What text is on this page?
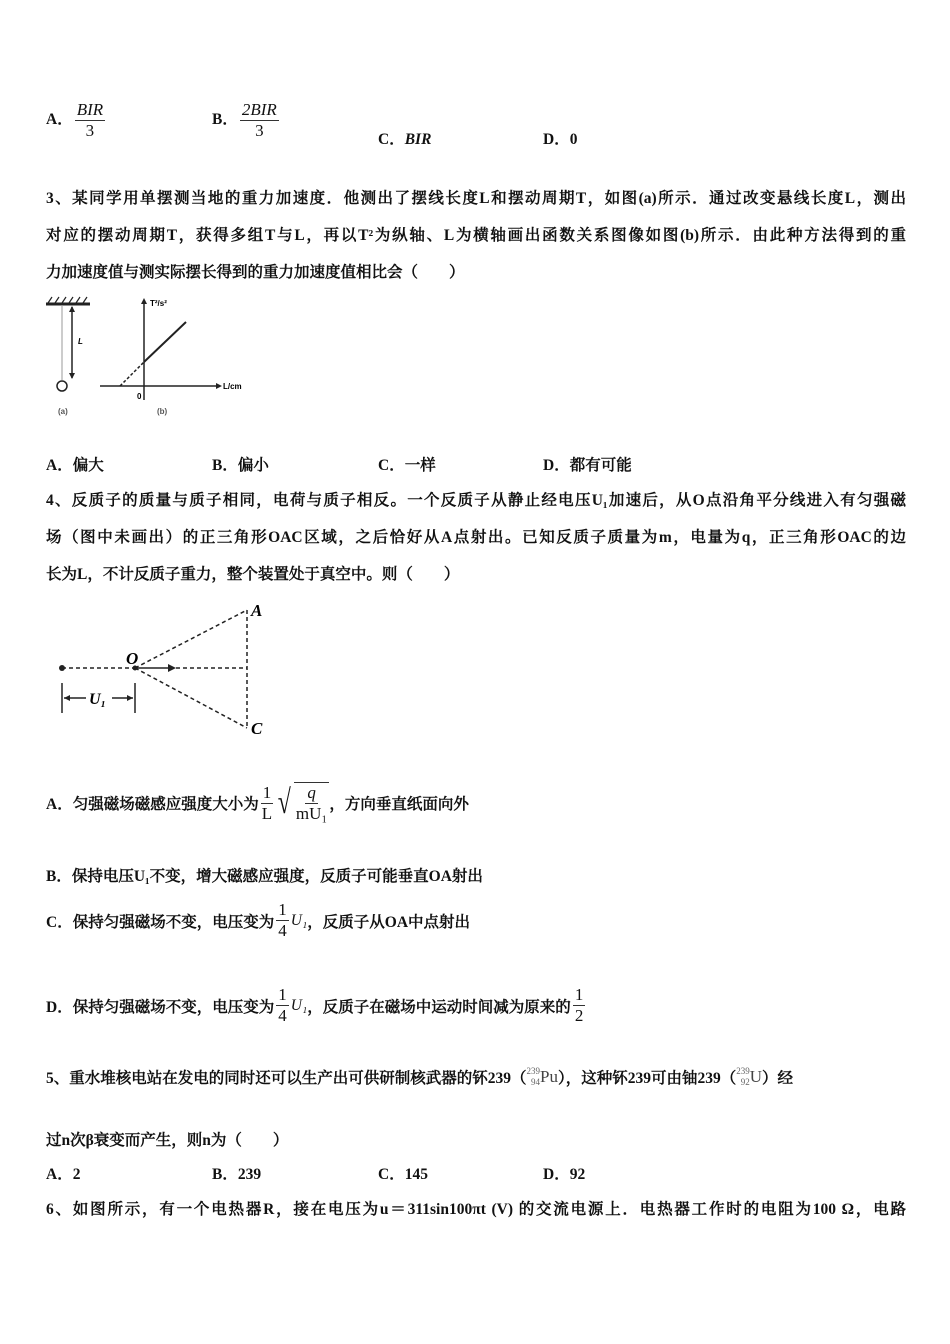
A． $\frac{\text{BIR}}{3}$	B． $\frac{\text{2BIR}}{3}$	C．BIR	D．0
3、某同学用单摆测当地的重力加速度．他测出了摆线长度L和摆动周期T，如图(a)所示．通过改变悬线长度L，测出
对应的摆动周期T，获得多组T与L，再以T²为纵轴、L为横轴画出函数关系图像如图(b)所示．由此种方法得到的重
力加速度值与测实际摆长得到的重力加速度值相比会（　　）
L
(a)
T²/s²
L/cm
0
(b)
A．偏大	B．偏小	C．一样	D．都有可能
4、反质子的质量与质子相同，电荷与质子相反。一个反质子从静止经电压U₁加速后，从O点沿角平分线进入有匀强磁
场（图中未画出）的正三角形OAC区域，之后恰好从A点射出。已知反质子质量为m，电量为q，正三角形OAC的边
长为L，不计反质子重力，整个装置处于真空中。则（　　）
O
A
C
U₁
A．匀强磁场磁感应强度大小为 $\frac{1}{L}$ √ $\frac{q}{\text{mU₁}}$ ，方向垂直纸面向外
B．保持电压U₁不变，增大磁感应强度，反质子可能垂直OA射出
C．保持匀强磁场不变，电压变为 $\frac{1}{4} U_1$ ，反质子从OA中点射出
D．保持匀强磁场不变，电压变为 $\frac{1}{4} U_1$ ，反质子在磁场中运动时间减为原来的 $\frac{1}{2}$
5、重水堆核电站在发电的同时还可以生产出可供研制核武器的钚239（ 239
94 Pu ），这种钚239可由铀239（ 239
92 U ）经
过n次β衰变而产生，则n为（　　）
A．2	B．239	C．145	D．92
6、如图所示，有一个电热器R，接在电压为u＝311sin100πt (V) 的交流电源上．电热器工作时的电阻为100 Ω，电路
